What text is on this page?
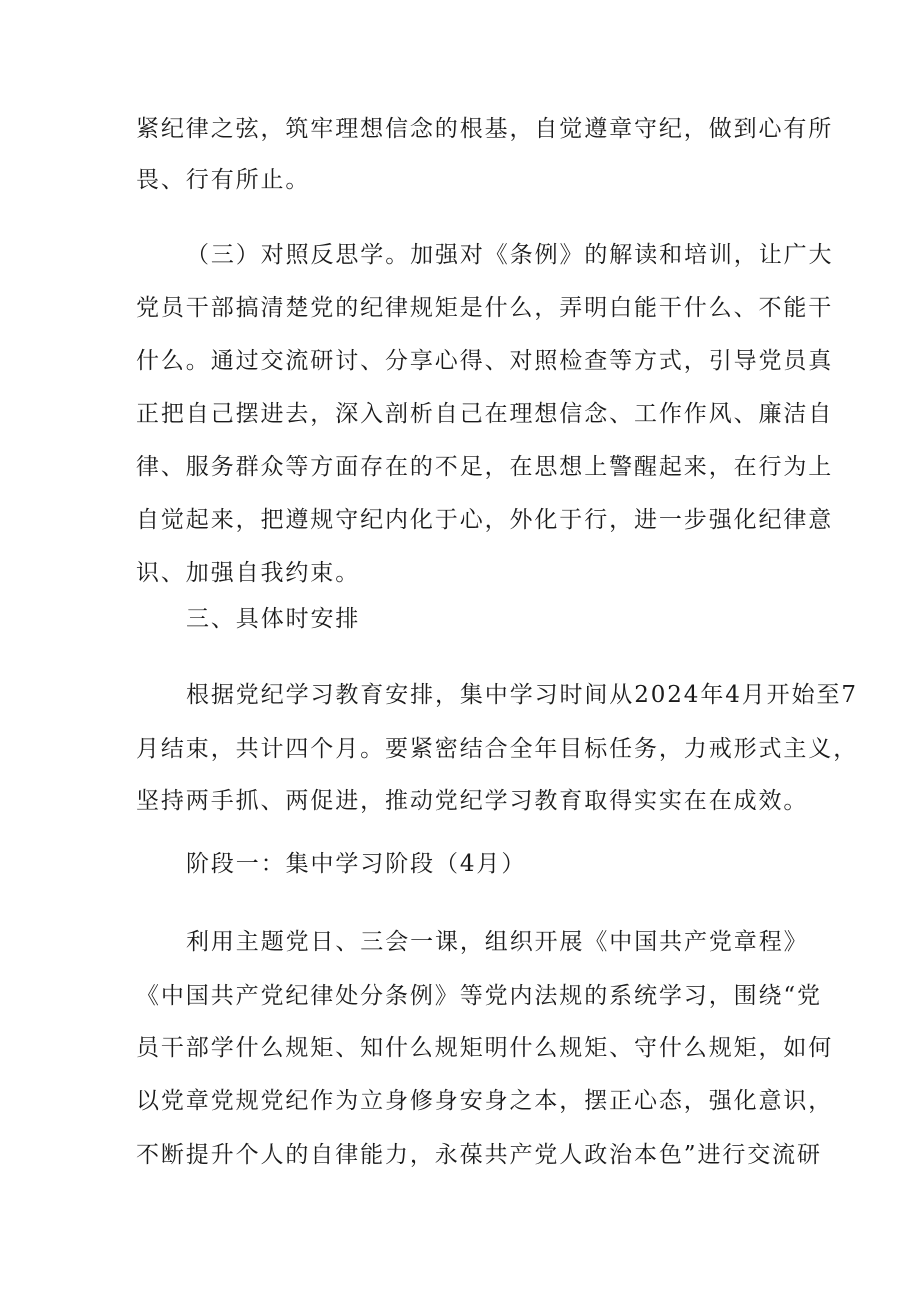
紧纪律之弦，筑牢理想信念的根基，自觉遵章守纪，做到心有所
畏、行有所止。
（三）对照反思学。加强对《条例》的解读和培训，让广大
党员干部搞清楚党的纪律规矩是什么，弄明白能干什么、不能干
什么。通过交流研讨、分享心得、对照检查等方式，引导党员真
正把自己摆进去，深入剖析自己在理想信念、工作作风、廉洁自
律、服务群众等方面存在的不足，在思想上警醒起来，在行为上
自觉起来，把遵规守纪内化于心，外化于行，进一步强化纪律意
识、加强自我约束。
三、具体时安排
根据党纪学习教育安排，集中学习时间从2024年4月开始至7
月结束，共计四个月。要紧密结合全年目标任务，力戒形式主义，
坚持两手抓、两促进，推动党纪学习教育取得实实在在成效。
阶段一：集中学习阶段（4月）
利用主题党日、三会一课，组织开展《中国共产党章程》
《中国共产党纪律处分条例》等党内法规的系统学习，围绕“党
员干部学什么规矩、知什么规矩明什么规矩、守什么规矩，如何
以党章党规党纪作为立身修身安身之本，摆正心态，强化意识，
不断提升个人的自律能力，永葆共产党人政治本色”进行交流研
